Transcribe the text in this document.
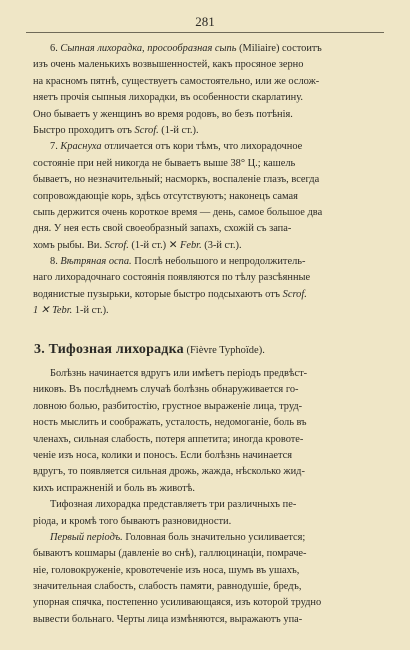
281
6. Сыпная лихорадка, просообразная сыпь (Miliaire) состоитъ
изъ очень маленькихъ возвышенностей, какъ просяное зерно
на красномъ пятнѣ, существуетъ самостоятельно, или же ослож-
няетъ прочія сыпныя лихорадки, въ особенности скарлатину.
Оно бываетъ у женщинъ во время родовъ, во безъ потѣнія.
Быстро проходитъ отъ Scrof. (1-й ст.).
7. Краснуха отличается отъ кори тѣмъ, что лихорадочное
состояніе при ней никогда не бываетъ выше 38° Ц.; кашель
бываетъ, но незначительный; насморкъ, воспаленіе глазъ, всегда
сопровождающіе корь, здѣсь отсутствуютъ; наконецъ самая
сыпь держится очень короткое время — день, самое большое два
дня. У нея есть свой своеобразный запахъ, схожій съ запа-
хомъ рыбы. Ви. Scrof. (1-й ст.) ✕ Febr. (3-й ст.).
8. Вѣтряная оспа. Послѣ небольшого и непродолжитель-
наго лихорадочнаго состоянія появляются по тѣлу разсѣянные
водянистые пузырьки, которые быстро подсыхаютъ отъ Scrof.
1 ✕ Tebr. 1-й ст.).
3. Тифозная лихорадка (Fièvre Typhoïde).
Болѣзнь начинается вдругъ или имѣетъ періодъ предвѣст-
никовъ. Въ послѣднемъ случаѣ болѣзнь обнаруживается го-
ловною болью, разбитостію, грустное выраженіе лица, труд-
ность мыслить и соображать, усталость, недомоганіе, боль въ
членахъ, сильная слабость, потеря аппетита; иногда кровоте-
ченіе изъ носа, колики и поносъ. Если болѣзнь начинается
вдругъ, то появляется сильная дрожь, жажда, нѣсколько жид-
кихъ испражненій и боль въ животѣ.
Тифозная лихорадка представляетъ три различныхъ пе-
ріода, и кромѣ того бываютъ разновидности.
Первый періодъ. Головная боль значительно усиливается;
бываютъ кошмары (давленіе во снѣ), галлюцинаціи, помраче-
ніе, головокруженіе, кровотеченіе изъ носа, шумъ въ ушахъ,
значительная слабость, слабость памяти, равнодушіе, бредъ,
упорная спячка, постепенно усиливающаяся, изъ которой трудно
вывести больнаго. Черты лица измѣняются, выражаютъ упа-
